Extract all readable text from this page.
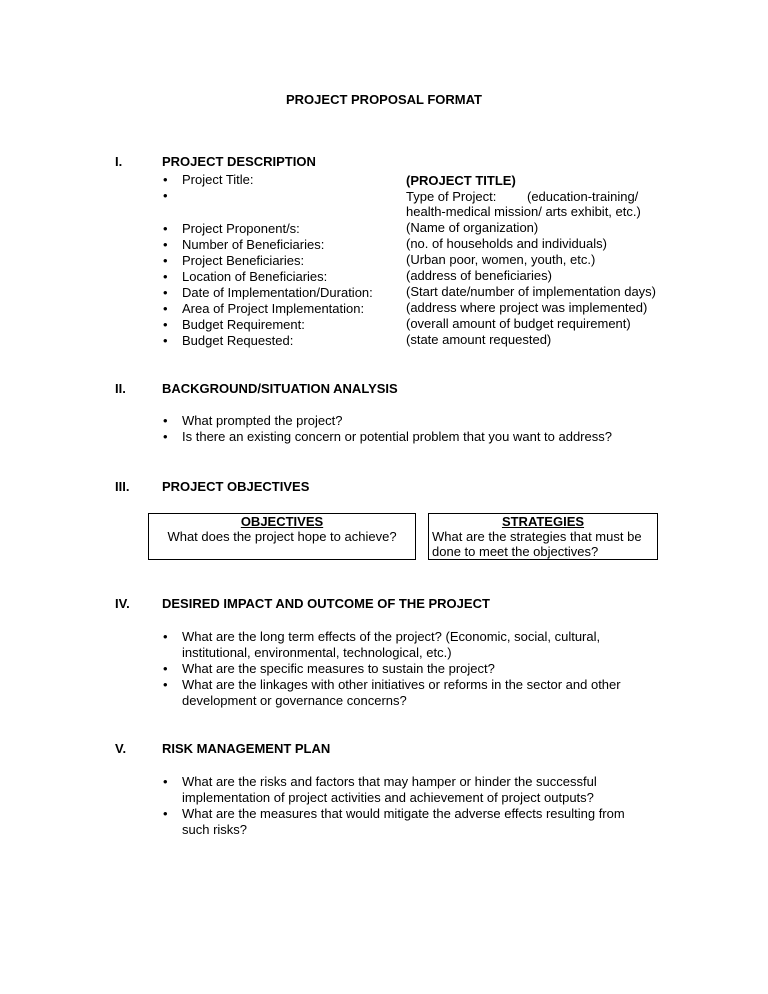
PROJECT PROPOSAL FORMAT
I.	PROJECT DESCRIPTION
Project Title:	(PROJECT TITLE)
Type of Project: (education-training/
health-medical mission/ arts exhibit, etc.)
Project Proponent/s:	(Name of organization)
Number of Beneficiaries:	(no. of households and individuals)
Project Beneficiaries:	(Urban poor, women, youth, etc.)
Location of Beneficiaries:	(address of beneficiaries)
Date of Implementation/Duration:	(Start date/number of implementation days)
Area of Project Implementation:	(address where project was implemented)
Budget Requirement:	(overall amount of budget requirement)
Budget Requested:	(state amount requested)
II.	BACKGROUND/SITUATION ANALYSIS
What prompted the project?
Is there an existing concern or potential problem that you want to address?
III.	PROJECT OBJECTIVES
OBJECTIVES
What does the project hope to achieve?

STRATEGIES
What are the strategies that must be
done to meet the objectives?
IV. DESIRED IMPACT AND OUTCOME OF THE PROJECT
What are the long term effects of the project? (Economic, social, cultural,
institutional, environmental, technological, etc.)
What are the specific measures to sustain the project?
What are the linkages with other initiatives or reforms in the sector and other
development or governance concerns?
V.	RISK MANAGEMENT PLAN
What are the risks and factors that may hamper or hinder the successful
implementation of project activities and achievement of project outputs?
What are the measures that would mitigate the adverse effects resulting from
such risks?
